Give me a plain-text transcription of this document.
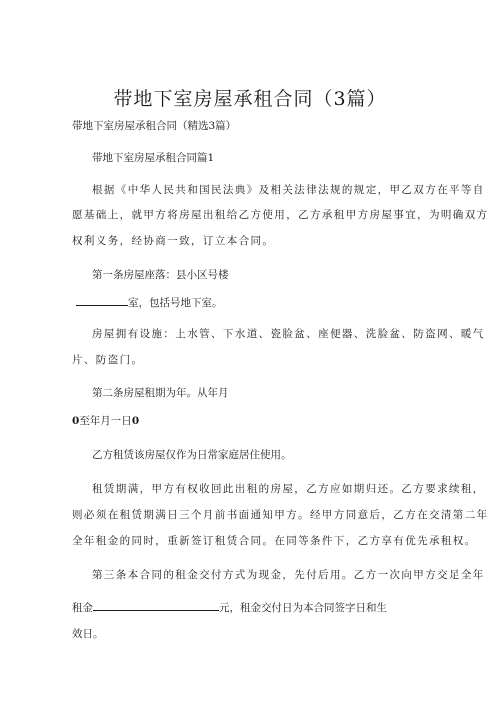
带地下室房屋承租合同（3篇）
带地下室房屋承租合同（精选3篇）
带地下室房屋承租合同篇1
根据《中华人民共和国民法典》及相关法律法规的规定，甲乙双方在平等自
愿基础上，就甲方将房屋出租给乙方使用，乙方承租甲方房屋事宜，为明确双方
权利义务，经协商一致，订立本合同。
第一条房屋座落：县小区号楼
室，包括号地下室。
房屋拥有设施：上水管、下水道、瓷脸盆、座便器、洗脸盆、防盗网、暖气
片、防盗门。
第二条房屋租期为年。从年月
0至年月一日0
乙方租赁该房屋仅作为日常家庭居住使用。
租赁期满，甲方有权收回此出租的房屋，乙方应如期归还。乙方要求续租，
则必须在租赁期满日三个月前书面通知甲方。经甲方同意后，乙方在交清第二年
全年租金的同时，重新签订租赁合同。在同等条件下，乙方享有优先承租权。
第三条本合同的租金交付方式为现金，先付后用。乙方一次向甲方交足全年
租金	元，租金交付日为本合同签字日和生
效日。
